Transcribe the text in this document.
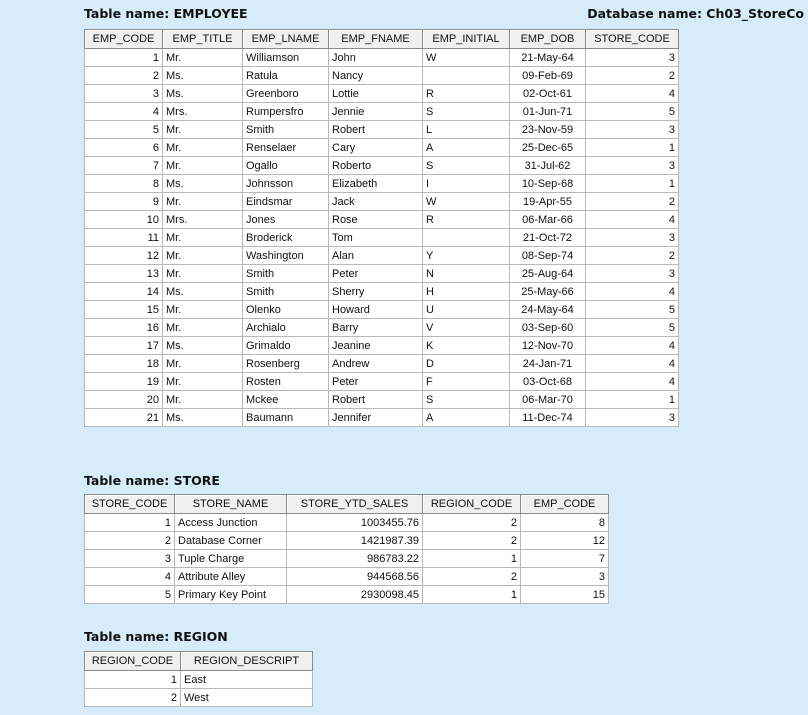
Table name: EMPLOYEE	Database name: Ch03_StoreCo
EMP_CODE	EMP_TITLE	EMP_LNAME	EMP_FNAME	EMP_INITIAL	EMP_DOB	STORE_CODE
1	Mr.	Williamson	John	W	21-May-64	3
2	Ms.	Ratula	Nancy		09-Feb-69	2
3	Ms.	Greenboro	Lottie	R	02-Oct-61	4
4	Mrs.	Rumpersfro	Jennie	S	01-Jun-71	5
5	Mr.	Smith	Robert	L	23-Nov-59	3
6	Mr.	Renselaer	Cary	A	25-Dec-65	1
7	Mr.	Ogallo	Roberto	S	31-Jul-62	3
8	Ms.	Johnsson	Elizabeth	I	10-Sep-68	1
9	Mr.	Eindsmar	Jack	W	19-Apr-55	2
10	Mrs.	Jones	Rose	R	06-Mar-66	4
11	Mr.	Broderick	Tom		21-Oct-72	3
12	Mr.	Washington	Alan	Y	08-Sep-74	2
13	Mr.	Smith	Peter	N	25-Aug-64	3
14	Ms.	Smith	Sherry	H	25-May-66	4
15	Mr.	Olenko	Howard	U	24-May-64	5
16	Mr.	Archialo	Barry	V	03-Sep-60	5
17	Ms.	Grimaldo	Jeanine	K	12-Nov-70	4
18	Mr.	Rosenberg	Andrew	D	24-Jan-71	4
19	Mr.	Rosten	Peter	F	03-Oct-68	4
20	Mr.	Mckee	Robert	S	06-Mar-70	1
21	Ms.	Baumann	Jennifer	A	11-Dec-74	3
Table name: STORE
STORE_CODE	STORE_NAME	STORE_YTD_SALES	REGION_CODE	EMP_CODE
1	Access Junction	1003455.76	2	8
2	Database Corner	1421987.39	2	12
3	Tuple Charge	986783.22	1	7
4	Attribute Alley	944568.56	2	3
5	Primary Key Point	2930098.45	1	15
Table name: REGION
REGION_CODE	REGION_DESCRIPT
1	East
2	West
